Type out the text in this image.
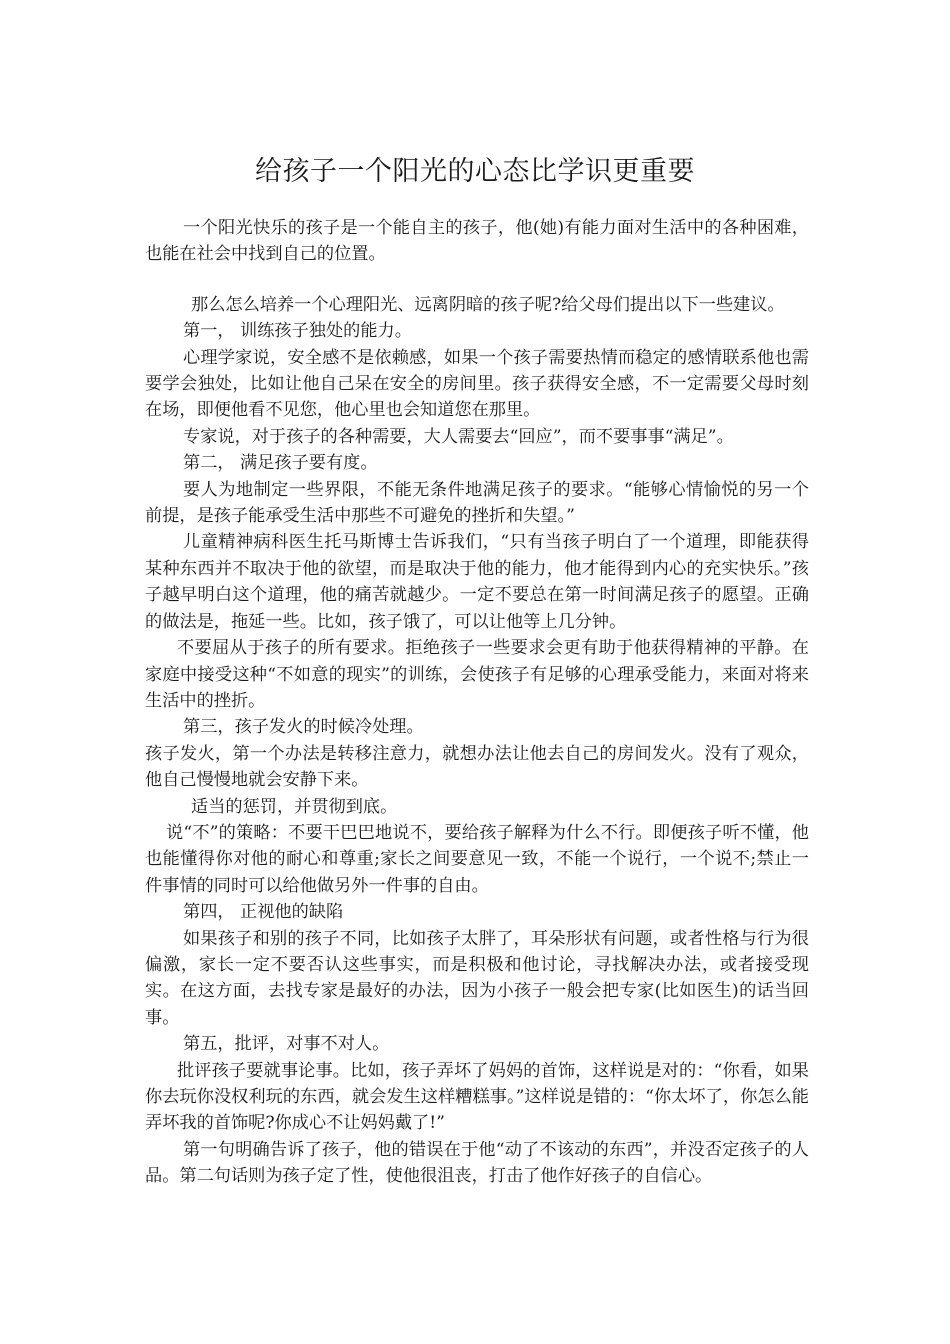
给孩子一个阳光的心态比学识更重要

一个阳光快乐的孩子是一个能自主的孩子，他(她)有能力面对生活中的各种困难，也能在社会中找到自己的位置。

那么怎么培养一个心理阳光、远离阴暗的孩子呢?给父母们提出以下一些建议。

第一， 训练孩子独处的能力。

心理学家说，安全感不是依赖感，如果一个孩子需要热情而稳定的感情联系他也需要学会独处，比如让他自己呆在安全的房间里。孩子获得安全感，不一定需要父母时刻在场，即便他看不见您，他心里也会知道您在那里。

专家说，对于孩子的各种需要，大人需要去“回应”，而不要事事“满足”。

第二， 满足孩子要有度。

要人为地制定一些界限，不能无条件地满足孩子的要求。“能够心情愉悦的另一个前提，是孩子能承受生活中那些不可避免的挫折和失望。”

儿童精神病科医生托马斯博士告诉我们，“只有当孩子明白了一个道理，即能获得某种东西并不取决于他的欲望，而是取决于他的能力，他才能得到内心的充实快乐。”孩子越早明白这个道理，他的痛苦就越少。一定不要总在第一时间满足孩子的愿望。正确的做法是，拖延一些。比如，孩子饿了，可以让他等上几分钟。

不要屈从于孩子的所有要求。拒绝孩子一些要求会更有助于他获得精神的平静。在家庭中接受这种“不如意的现实”的训练，会使孩子有足够的心理承受能力，来面对将来生活中的挫折。

第三，孩子发火的时候冷处理。

孩子发火，第一个办法是转移注意力，就想办法让他去自己的房间发火。没有了观众，他自己慢慢地就会安静下来。

适当的惩罚，并贯彻到底。

说“不”的策略：不要干巴巴地说不，要给孩子解释为什么不行。即便孩子听不懂，他也能懂得你对他的耐心和尊重;家长之间要意见一致，不能一个说行，一个说不;禁止一件事情的同时可以给他做另外一件事的自由。

第四， 正视他的缺陷

如果孩子和别的孩子不同，比如孩子太胖了，耳朵形状有问题，或者性格与行为很偏激，家长一定不要否认这些事实，而是积极和他讨论，寻找解决办法，或者接受现实。在这方面，去找专家是最好的办法，因为小孩子一般会把专家(比如医生)的话当回事。

第五，批评，对事不对人。

批评孩子要就事论事。比如，孩子弄坏了妈妈的首饰，这样说是对的：“你看，如果你去玩你没权利玩的东西，就会发生这样糟糕事。”这样说是错的：“你太坏了，你怎么能弄坏我的首饰呢?你成心不让妈妈戴了!”

第一句明确告诉了孩子，他的错误在于他“动了不该动的东西”，并没否定孩子的人品。第二句话则为孩子定了性，使他很沮丧，打击了他作好孩子的自信心。
